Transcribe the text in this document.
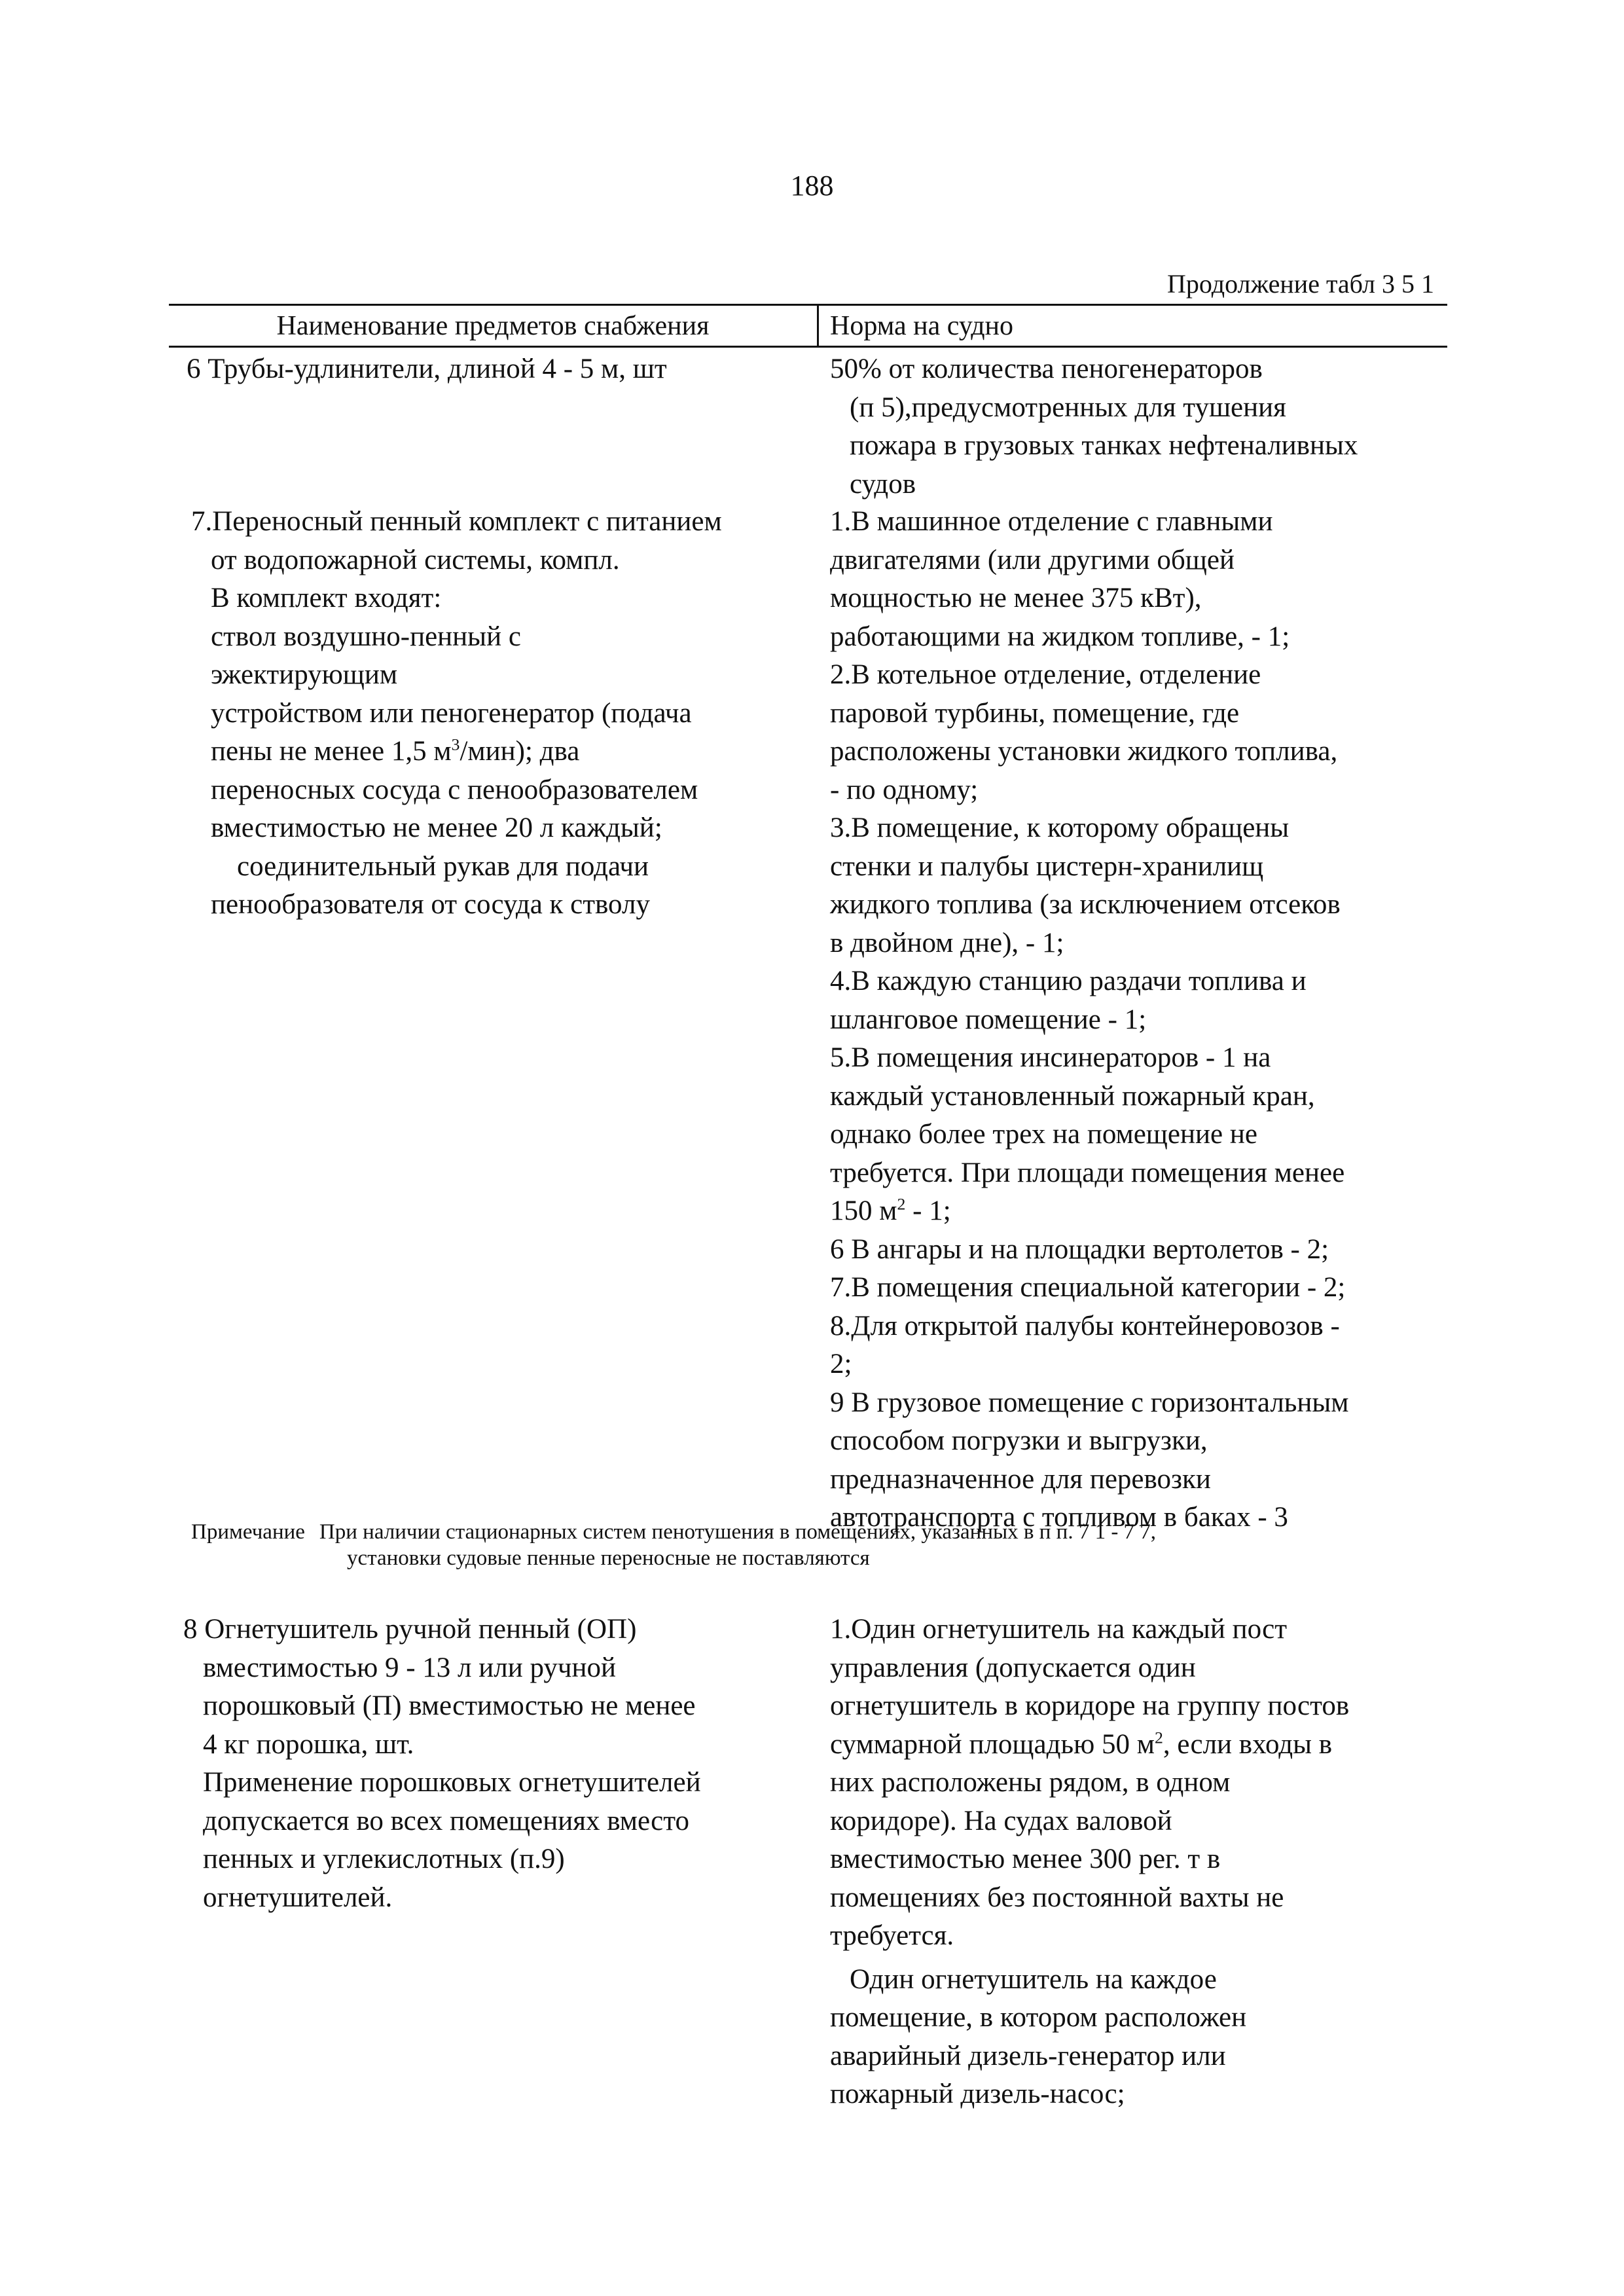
188
Продолжение табл 3 5 1
Наименование предметов снабжения	Норма на судно
6 Трубы-удлинители, длиной 4 - 5 м, шт	50% от количества пеногенераторов
(п 5),предусмотренных для тушения
пожара в грузовых танках нефтеналивных
судов
7.Переносный пенный комплект с питанием
от водопожарной системы, компл.
В комплект входят:
ствол воздушно-пенный с
эжектирующим
устройством или пеногенератор (подача
пены не менее 1,5 $м^3/мин$); два
переносных сосуда с пенообразователем
вместимостью не менее 20 л каждый;
соединительный рукав для подачи
пенообразователя от сосуда к стволу
1.В машинное отделение с главными
двигателями (или другими общей
мощностью не менее 375 кВт),
работающими на жидком топливе, - 1;
2.В котельное отделение, отделение
паровой турбины, помещение, где
расположены установки жидкого топлива,
- по одному;
3.В помещение, к которому обращены
стенки и палубы цистерн-хранилищ
жидкого топлива (за исключением отсеков
в двойном дне), - 1;
4.В каждую станцию раздачи топлива и
шланговое помещение - 1;
5.В помещения инсинераторов - 1 на
каждый установленный пожарный кран,
однако более трех на помещение не
требуется. При площади помещения менее
150 $м^2 - 1$;
6 В ангары и на площадки вертолетов - 2;
7.В помещения специальной категории - 2;
8.Для открытой палубы контейнеровозов -
2;
9 В грузовое помещение с горизонтальным
способом погрузки и выгрузки,
предназначенное для перевозки
автотранспорта с топливом в баках - 3
Примечание При наличии стационарных систем пенотушения в помещениях, указанных в п п. 7 1 - 7 7,
установки судовые пенные переносные не поставляются
8 Огнетушитель ручной пенный (ОП)
вместимостью 9 - 13 л или ручной
порошковый (П) вместимостью не менее
4 кг порошка, шт.
Применение порошковых огнетушителей
допускается во всех помещениях вместо
пенных и углекислотных (п.9)
огнетушителей.
1.Один огнетушитель на каждый пост
управления (допускается один
огнетушитель в коридоре на группу постов
суммарной площадью 50 $м^2$, если входы в
них расположены рядом, в одном
коридоре). На судах валовой
вместимостью менее 300 рег. т в
помещениях без постоянной вахты не
требуется.
Один огнетушитель на каждое
помещение, в котором расположен
аварийный дизель-генератор или
пожарный дизель-насос;
